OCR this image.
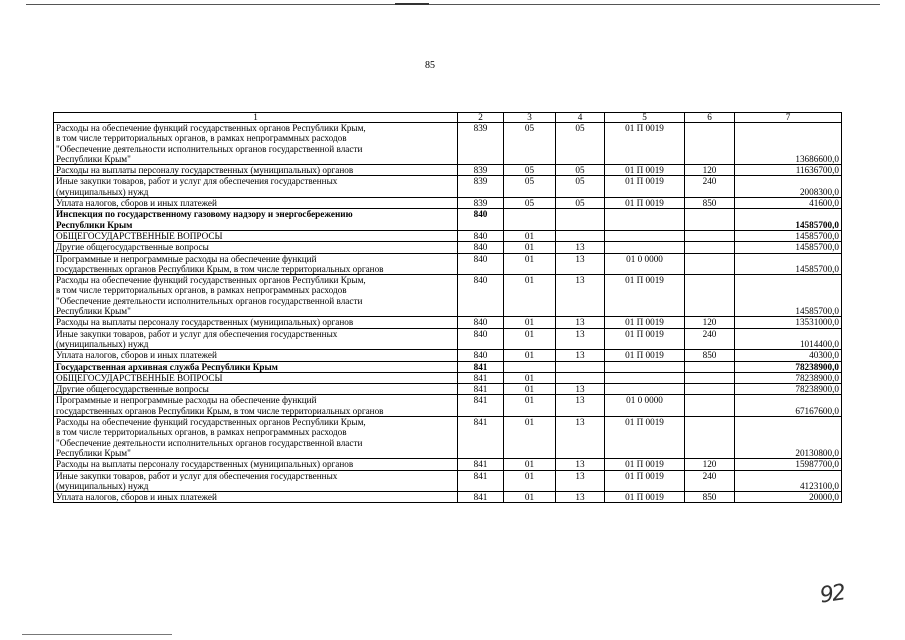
85
1	2	3	4	5	6	7

Расходы на обеспечение функций государственных органов Республики Крым,
в том числе территориальных органов, в рамках непрограммных расходов
"Обеспечение деятельности исполнительных органов государственной власти
Республики Крым"	839	05	05	01 П 0019		13686600,0

Расходы на выплаты персоналу государственных (муниципальных) органов	839	05	05	01 П 0019	120	11636700,0

Иные закупки товаров, работ и услуг для обеспечения государственных
(муниципальных) нужд	839	05	05	01 П 0019	240	2008300,0

Уплата налогов, сборов и иных платежей	839	05	05	01 П 0019	850	41600,0

Инспекция по государственному газовому надзору и энергосбережению
Республики Крым	840					14585700,0

ОБЩЕГОСУДАРСТВЕННЫЕ ВОПРОСЫ	840	01				14585700,0

Другие общегосударственные вопросы	840	01	13			14585700,0

Программные и непрограммные расходы на обеспечение функций
государственных органов Республики Крым, в том числе территориальных органов	840	01	13	01 0 0000		14585700,0

Расходы на обеспечение функций государственных органов Республики Крым,
в том числе территориальных органов, в рамках непрограммных расходов
"Обеспечение деятельности исполнительных органов государственной власти
Республики Крым"	840	01	13	01 П 0019		14585700,0

Расходы на выплаты персоналу государственных (муниципальных) органов	840	01	13	01 П 0019	120	13531000,0

Иные закупки товаров, работ и услуг для обеспечения государственных
(муниципальных) нужд	840	01	13	01 П 0019	240	1014400,0

Уплата налогов, сборов и иных платежей	840	01	13	01 П 0019	850	40300,0

Государственная архивная служба Республики Крым	841					78238900,0

ОБЩЕГОСУДАРСТВЕННЫЕ ВОПРОСЫ	841	01				78238900,0

Другие общегосударственные вопросы	841	01	13			78238900,0

Программные и непрограммные расходы на обеспечение функций
государственных органов Республики Крым, в том числе территориальных органов	841	01	13	01 0 0000		67167600,0

Расходы на обеспечение функций государственных органов Республики Крым,
в том числе территориальных органов, в рамках непрограммных расходов
"Обеспечение деятельности исполнительных органов государственной власти
Республики Крым"	841	01	13	01 П 0019		20130800,0

Расходы на выплаты персоналу государственных (муниципальных) органов	841	01	13	01 П 0019	120	15987700,0

Иные закупки товаров, работ и услуг для обеспечения государственных
(муниципальных) нужд	841	01	13	01 П 0019	240	4123100,0

Уплата налогов, сборов и иных платежей	841	01	13	01 П 0019	850	20000,0
92
